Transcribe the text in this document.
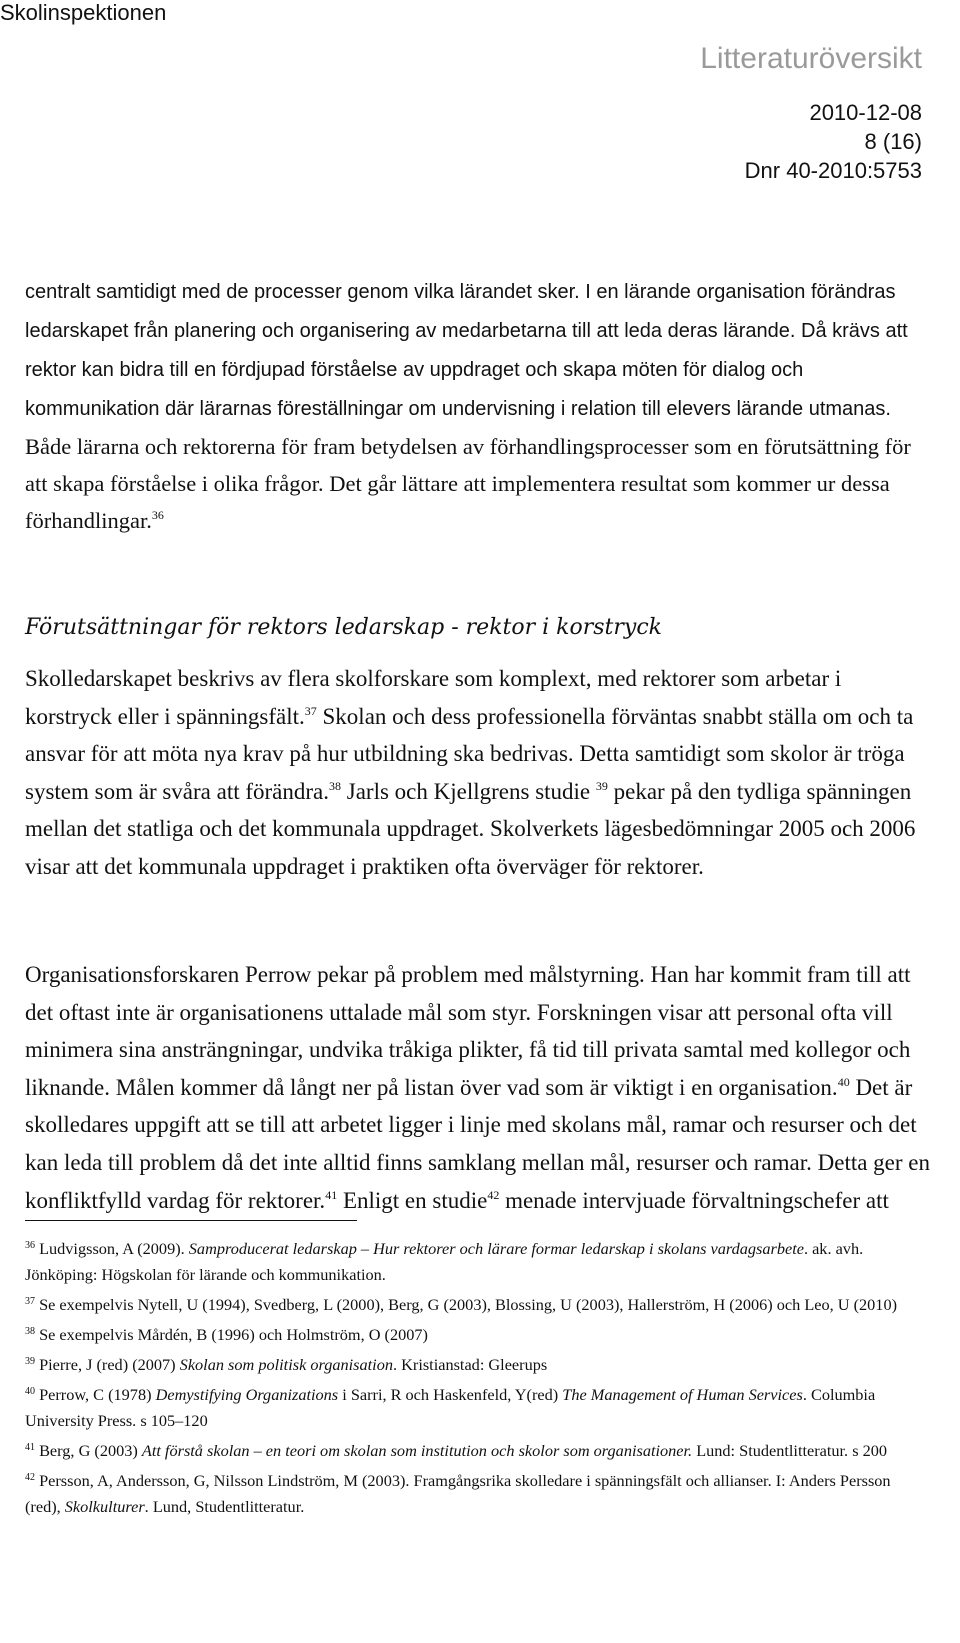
Skolinspektionen
Litteraturöversikt
2010-12-08
8 (16)
Dnr 40-2010:5753

centralt samtidigt med de processer genom vilka lärandet sker. I en lärande organisation förändras ledarskapet från planering och organisering av medarbetarna till att leda deras lärande. Då krävs att rektor kan bidra till en fördjupad förståelse av uppdraget och skapa möten för dialog och kommunikation där lärarnas föreställningar om undervisning i relation till elevers lärande utmanas. Både lärarna och rektorerna för fram betydelsen av förhandlingsprocesser som en förutsättning för att skapa förståelse i olika frågor. Det går lättare att implementera resultat som kommer ur dessa förhandlingar.$^{36}$

Förutsättningar för rektors ledarskap - rektor i korstryck

Skolledarskapet beskrivs av flera skolforskare som komplext, med rektorer som arbetar i korstryck eller i spänningsfält.$^{37}$ Skolan och dess professionella förväntas snabbt ställa om och ta ansvar för att möta nya krav på hur utbildning ska bedrivas. Detta samtidigt som skolor är tröga system som är svåra att förändra.$^{38}$ Jarls och Kjellgrens studie $^{39}$ pekar på den tydliga spänningen mellan det statliga och det kommunala uppdraget. Skolverkets lägesbedömningar 2005 och 2006 visar att det kommunala uppdraget i praktiken ofta överväger för rektorer.

Organisationsforskaren Perrow pekar på problem med målstyrning. Han har kommit fram till att det oftast inte är organisationens uttalade mål som styr. Forskningen visar att personal ofta vill minimera sina ansträngningar, undvika tråkiga plikter, få tid till privata samtal med kollegor och liknande. Målen kommer då långt ner på listan över vad som är viktigt i en organisation.$^{40}$ Det är skolledares uppgift att se till att arbetet ligger i linje med skolans mål, ramar och resurser och det kan leda till problem då det inte alltid finns samklang mellan mål, resurser och ramar. Detta ger en konfliktfylld vardag för rektorer.$^{41}$ Enligt en studie$^{42}$ menade intervjuade förvaltningschefer att

$^{36}$ Ludvigsson, A (2009). Samproducerat ledarskap – Hur rektorer och lärare formar ledarskap i skolans vardagsarbete. ak. avh. Jönköping: Högskolan för lärande och kommunikation.
$^{37}$ Se exempelvis Nytell, U (1994), Svedberg, L (2000), Berg, G (2003), Blossing, U (2003), Hallerström, H (2006) och Leo, U (2010)
$^{38}$ Se exempelvis Mårdén, B (1996) och Holmström, O (2007)
$^{39}$ Pierre, J (red) (2007) Skolan som politisk organisation. Kristianstad: Gleerups
$^{40}$ Perrow, C (1978) Demystifying Organizations i Sarri, R och Haskenfeld, Y(red) The Management of Human Services. Columbia University Press. s 105–120
$^{41}$ Berg, G (2003) Att förstå skolan – en teori om skolan som institution och skolor som organisationer. Lund: Studentlitteratur. s 200
$^{42}$ Persson, A, Andersson, G, Nilsson Lindström, M (2003). Framgångsrika skolledare i spänningsfält och allianser. I: Anders Persson (red), Skolkulturer. Lund, Studentlitteratur.
